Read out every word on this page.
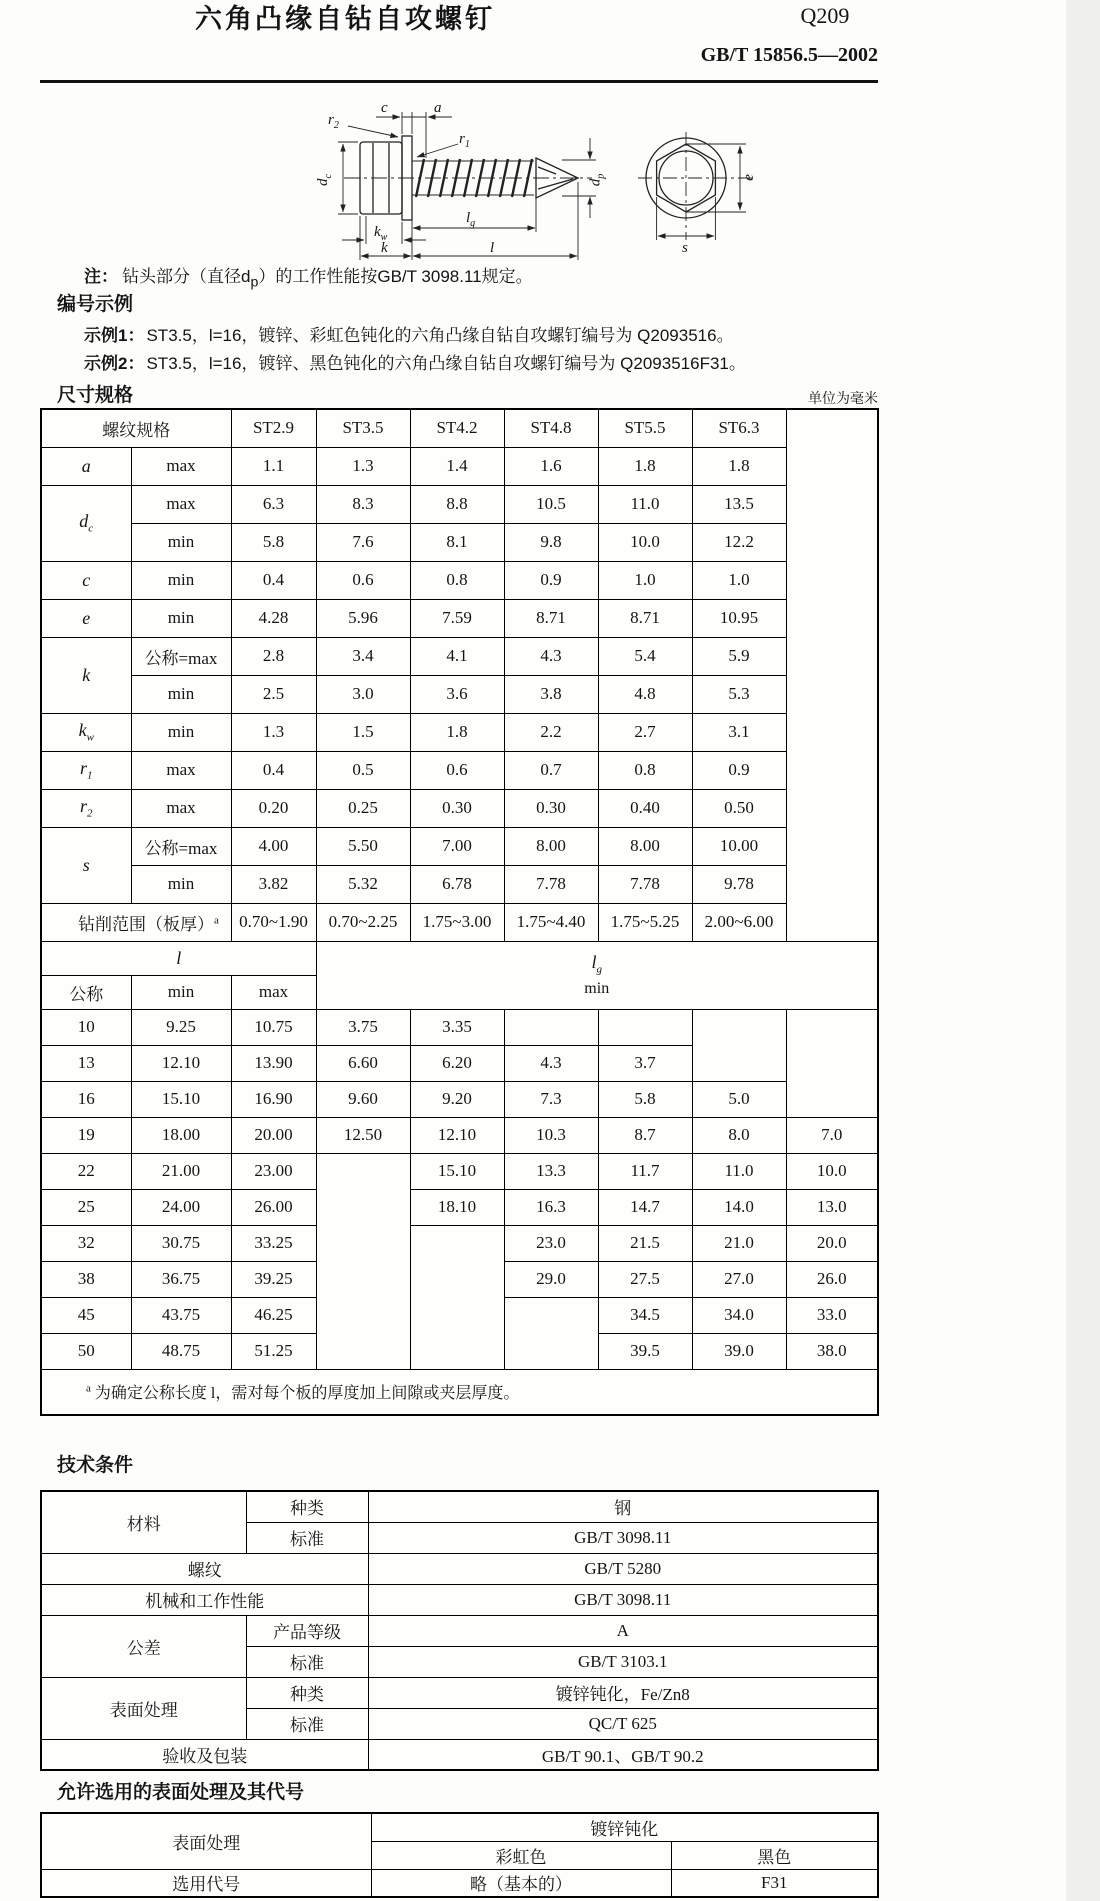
六角凸缘自钻自攻螺钉	Q209
GB/T 15856.5—2002
c	a
$r_2$
$r_1$
$d_c$
$d_p$
$l_g$
$k_w$
k	l
e
s
注： 钻头部分（直径$d_p$）的工作性能按GB/T 3098.11规定。
编号示例
示例1： ST3.5，l=16，镀锌、彩虹色钝化的六角凸缘自钻自攻螺钉编号为 Q2093516。
示例2： ST3.5，l=16，镀锌、黑色钝化的六角凸缘自钻自攻螺钉编号为 Q2093516F31。
尺寸规格	单位为毫米
螺纹规格		ST2.9	ST3.5	ST4.2	ST4.8	ST5.5	ST6.3	
a	max	1.1	1.3	1.4	1.6	1.8	1.8	
$d_c$	max	6.3	8.3	8.8	10.5	11.0	13.5	
	min	5.8	7.6	8.1	9.8	10.0	12.2	
c	min	0.4	0.6	0.8	0.9	1.0	1.0	
e	min	4.28	5.96	7.59	8.71	8.71	10.95	
k	公称=max	2.8	3.4	4.1	4.3	5.4	5.9	
	min	2.5	3.0	3.6	3.8	4.8	5.3	
$k_w$	min	1.3	1.5	1.8	2.2	2.7	3.1	
$r_1$	max	0.4	0.5	0.6	0.7	0.8	0.9	
$r_2$	max	0.20	0.25	0.30	0.30	0.40	0.50	
s	公称=max	4.00	5.50	7.00	8.00	8.00	10.00	
	min	3.82	5.32	6.78	7.78	7.78	9.78	
钻削范围（板厚）$^a$		0.70~1.90	0.70~2.25	1.75~3.00	1.75~4.40	1.75~5.25	2.00~6.00	
l			$l_g$
min					

公称	min	max						
10	9.25	10.75	3.75	3.35				
13	12.10	13.90	6.60	6.20	4.3	3.7		
16	15.10	16.90	9.60	9.20	7.3	5.8	5.0	
19	18.00	20.00	12.50	12.10	10.3	8.7	8.0	7.0
22	21.00	23.00		15.10	13.3	11.7	11.0	10.0
25	24.00	26.00		18.10	16.3	14.7	14.0	13.0
32	30.75	33.25			23.0	21.5	21.0	20.0
38	36.75	39.25			29.0	27.5	27.0	26.0
45	43.75	46.25				34.5	34.0	33.0
50	48.75	51.25				39.5	39.0	38.0
$^a$ 为确定公称长度 l，需对每个板的厚度加上间隙或夹层厚度。								
技术条件
材料	种类	钢
	标准	GB/T 3098.11
螺纹		GB/T 5280
机械和工作性能		GB/T 3098.11
公差	产品等级	A
	标准	GB/T 3103.1
表面处理	种类	镀锌钝化，Fe/Zn8
	标准	QC/T 625
验收及包装		GB/T 90.1、GB/T 90.2
允许选用的表面处理及其代号
表面处理	镀锌钝化	
	彩虹色	黑色
选用代号	略（基本的）	F31
